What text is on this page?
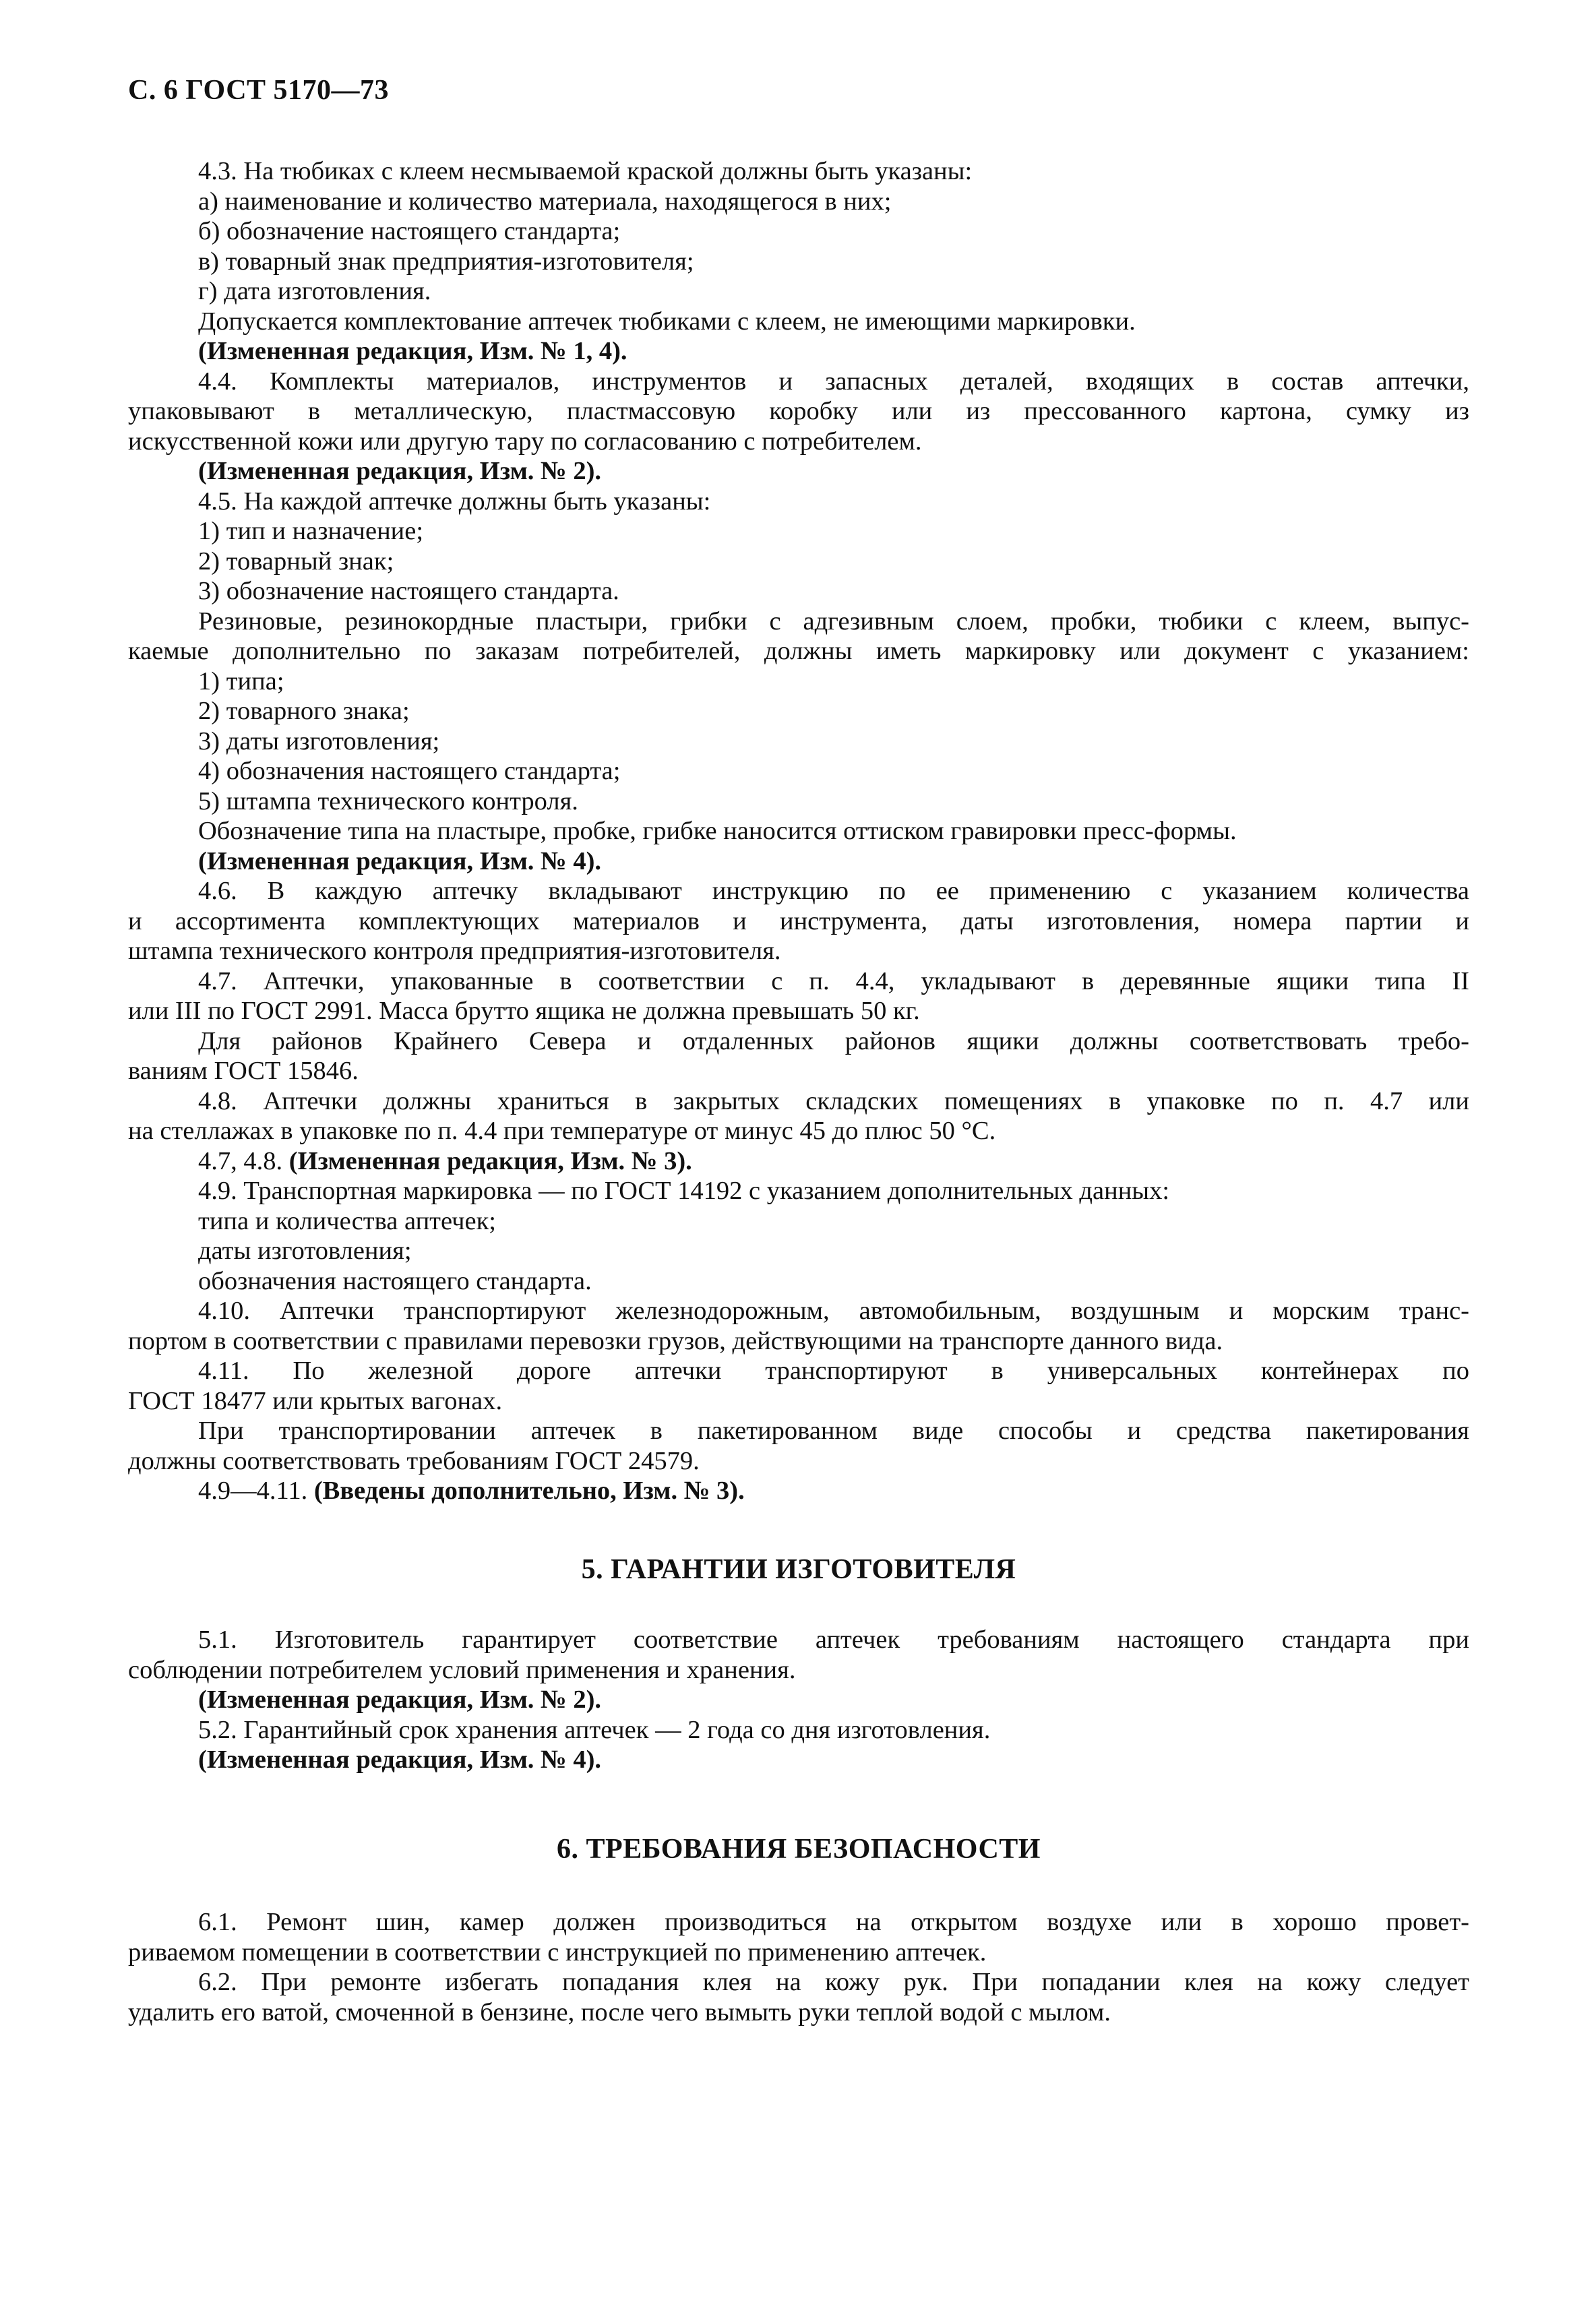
С. 6 ГОСТ 5170—73

4.3. На тюбиках с клеем несмываемой краской должны быть указаны:

а) наименование и количество материала, находящегося в них;

б) обозначение настоящего стандарта;

в) товарный знак предприятия-изготовителя;

г) дата изготовления.

Допускается комплектование аптечек тюбиками с клеем, не имеющими маркировки.

(Измененная редакция, Изм. № 1, 4).

4.4. Комплекты материалов, инструментов и запасных деталей, входящих в состав аптечки,

упаковывают в металлическую, пластмассовую коробку или из прессованного картона, сумку из

искусственной кожи или другую тару по согласованию с потребителем.

(Измененная редакция, Изм. № 2).

4.5. На каждой аптечке должны быть указаны:

1) тип и назначение;

2) товарный знак;

3) обозначение настоящего стандарта.

Резиновые, резинокордные пластыри, грибки с адгезивным слоем, пробки, тюбики с клеем, выпус-

каемые дополнительно по заказам потребителей, должны иметь маркировку или документ с указанием:

1) типа;

2) товарного знака;

3) даты изготовления;

4) обозначения настоящего стандарта;

5) штампа технического контроля.

Обозначение типа на пластыре, пробке, грибке наносится оттиском гравировки пресс-формы.

(Измененная редакция, Изм. № 4).

4.6. В каждую аптечку вкладывают инструкцию по ее применению с указанием количества

и ассортимента комплектующих материалов и инструмента, даты изготовления, номера партии и

штампа технического контроля предприятия-изготовителя.

4.7. Аптечки, упакованные в соответствии с п. 4.4, укладывают в деревянные ящики типа II

или III по ГОСТ 2991. Масса брутто ящика не должна превышать 50 кг.

Для районов Крайнего Севера и отдаленных районов ящики должны соответствовать требо-

ваниям ГОСТ 15846.

4.8. Аптечки должны храниться в закрытых складских помещениях в упаковке по п. 4.7 или

на стеллажах в упаковке по п. 4.4 при температуре от минус 45 до плюс 50 °С.

4.7, 4.8. (Измененная редакция, Изм. № 3).

4.9. Транспортная маркировка — по ГОСТ 14192 с указанием дополнительных данных:

типа и количества аптечек;

даты изготовления;

обозначения настоящего стандарта.

4.10. Аптечки транспортируют железнодорожным, автомобильным, воздушным и морским транс-

портом в соответствии с правилами перевозки грузов, действующими на транспорте данного вида.

4.11. По железной дороге аптечки транспортируют в универсальных контейнерах по

ГОСТ 18477 или крытых вагонах.

При транспортировании аптечек в пакетированном виде способы и средства пакетирования

должны соответствовать требованиям ГОСТ 24579.

4.9—4.11. (Введены дополнительно, Изм. № 3).

5. ГАРАНТИИ ИЗГОТОВИТЕЛЯ

5.1. Изготовитель гарантирует соответствие аптечек требованиям настоящего стандарта при

соблюдении потребителем условий применения и хранения.

(Измененная редакция, Изм. № 2).

5.2. Гарантийный срок хранения аптечек — 2 года со дня изготовления.

(Измененная редакция, Изм. № 4).

6. ТРЕБОВАНИЯ БЕЗОПАСНОСТИ

6.1. Ремонт шин, камер должен производиться на открытом воздухе или в хорошо провет-

риваемом помещении в соответствии с инструкцией по применению аптечек.

6.2. При ремонте избегать попадания клея на кожу рук. При попадании клея на кожу следует

удалить его ватой, смоченной в бензине, после чего вымыть руки теплой водой с мылом.
